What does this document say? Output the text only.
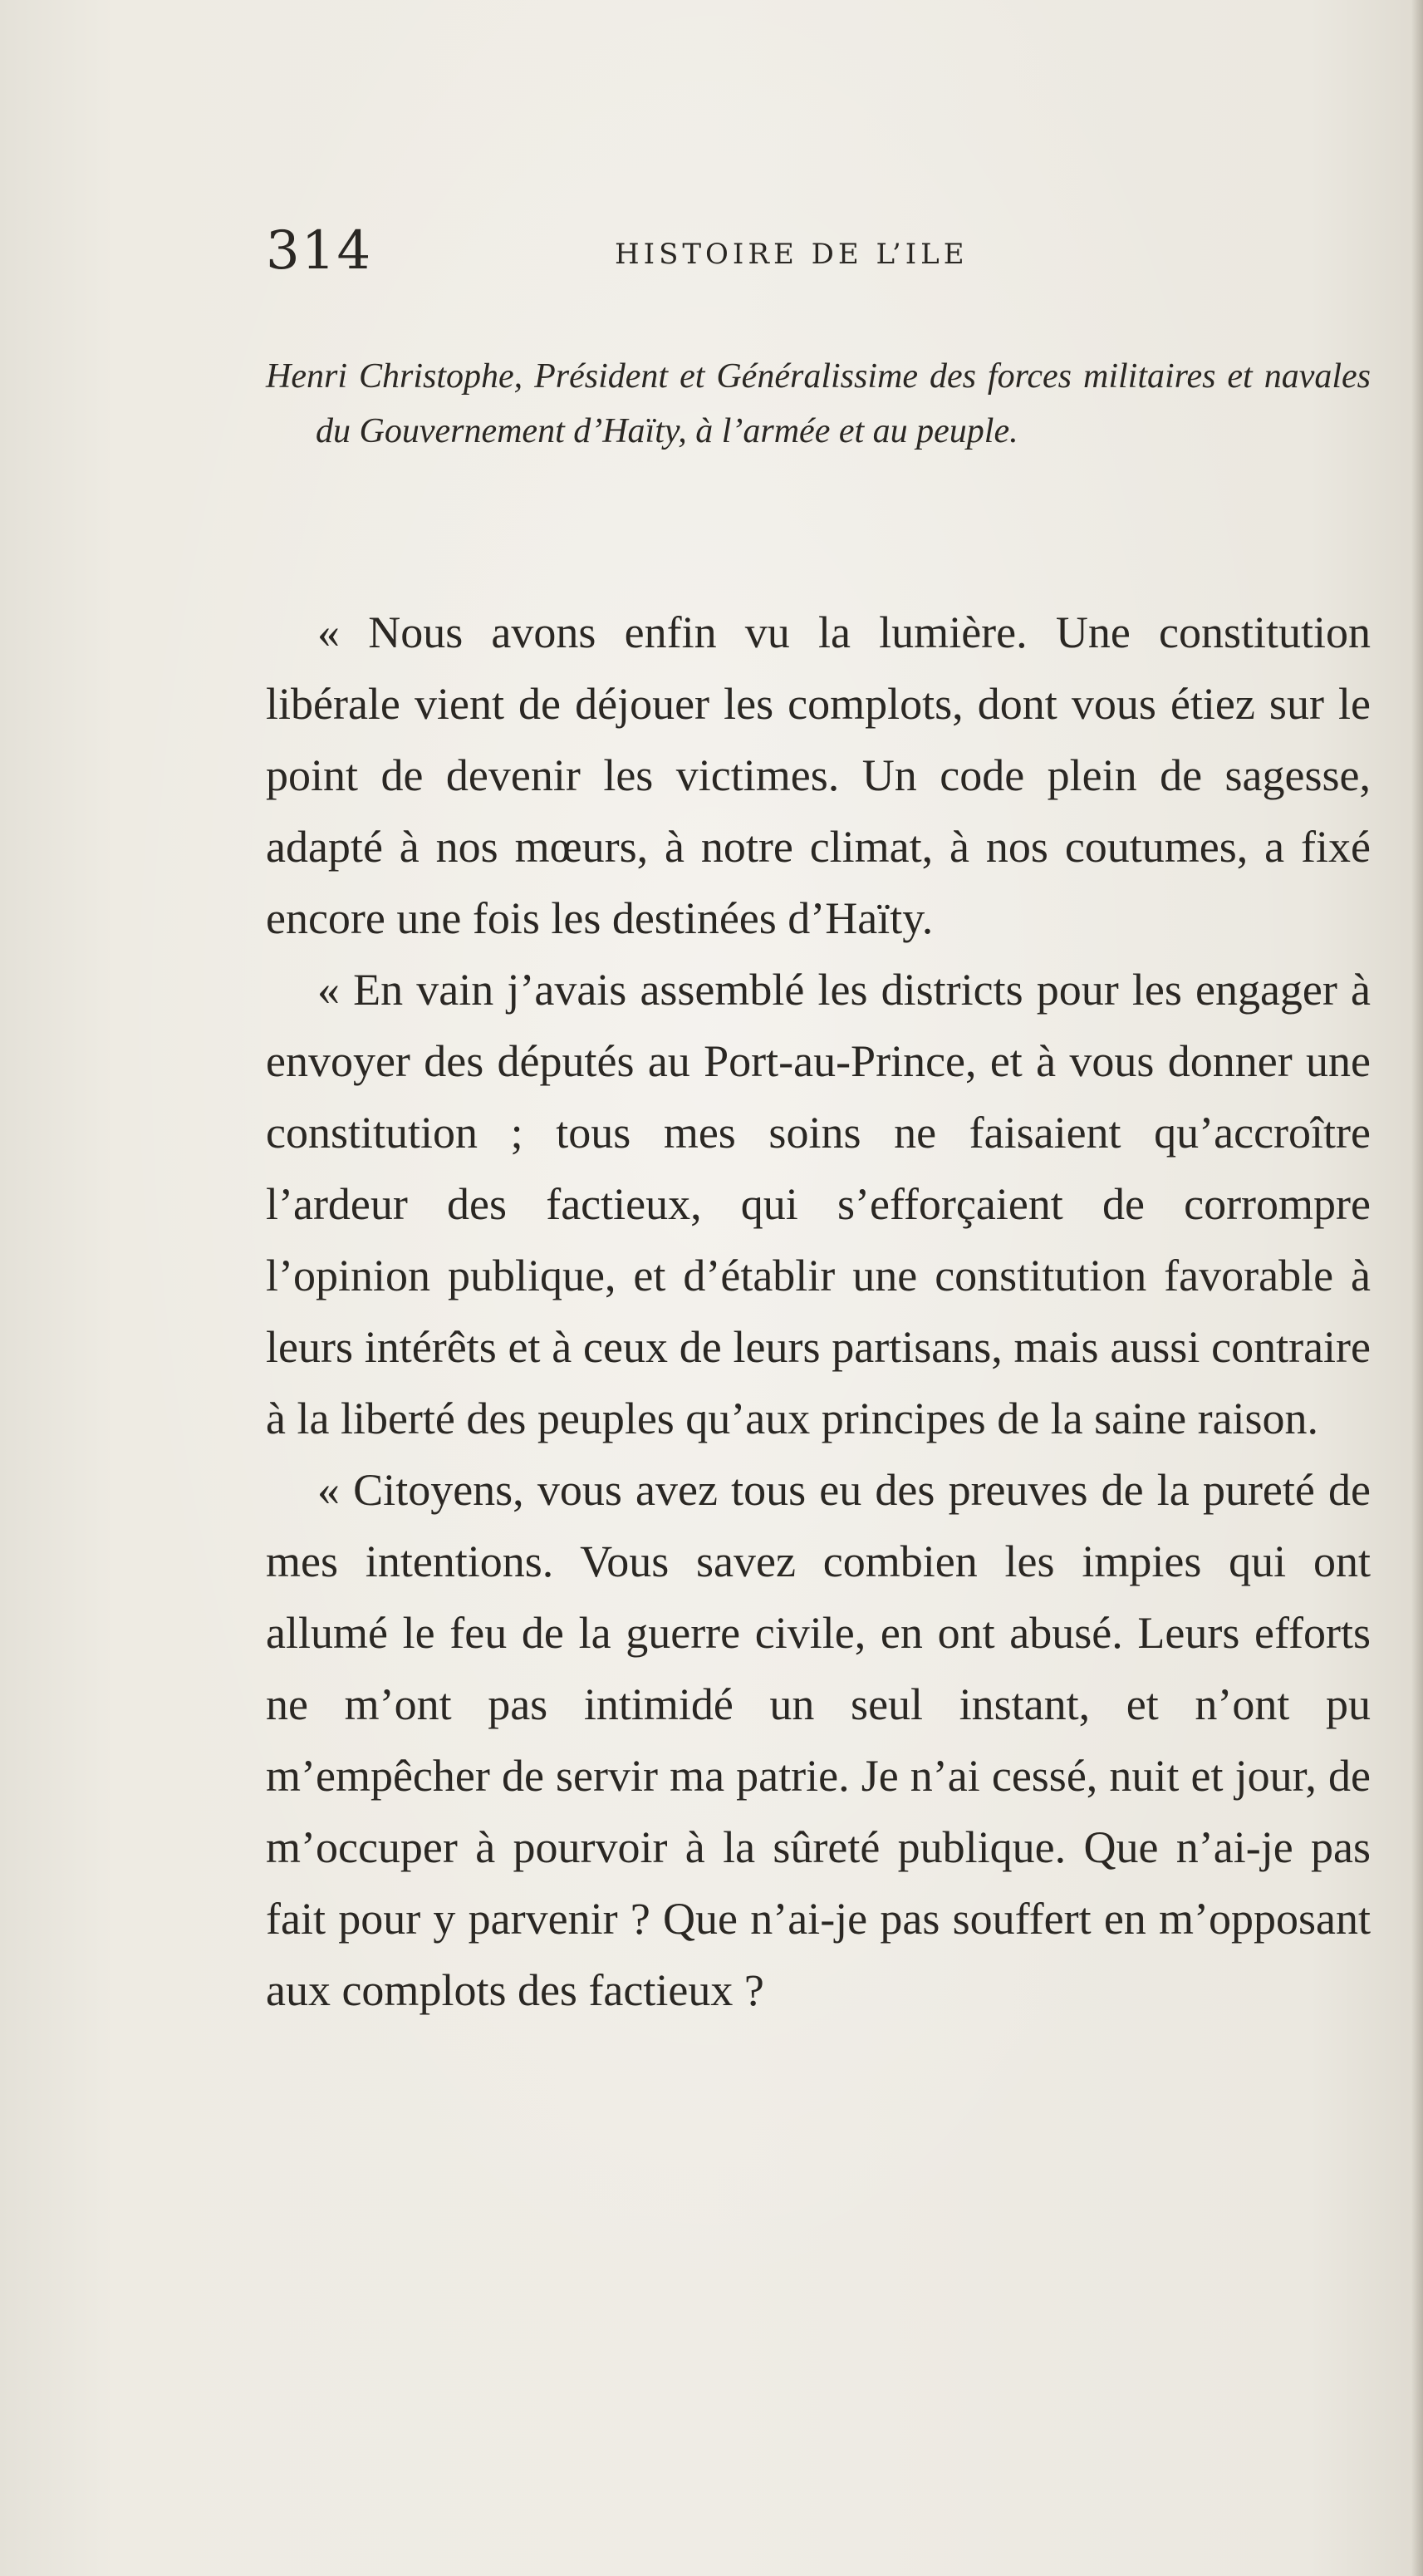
314	HISTOIRE DE L’ILE
Henri Christophe, Président et Généralissime des forces militaires et navales du Gouvernement d’Haïty, à l’armée et au peuple.

« Nous avons enfin vu la lumière. Une constitution libérale vient de déjouer les complots, dont vous étiez sur le point de devenir les victimes. Un code plein de sagesse, adapté à nos mœurs, à notre climat, à nos coutumes, a fixé encore une fois les destinées d’Haïty.

« En vain j’avais assemblé les districts pour les engager à envoyer des députés au Port-au-Prince, et à vous donner une constitution ; tous mes soins ne faisaient qu’accroître l’ardeur des factieux, qui s’efforçaient de corrompre l’opinion publique, et d’établir une constitution favorable à leurs intérêts et à ceux de leurs partisans, mais aussi contraire à la liberté des peuples qu’aux principes de la saine raison.

« Citoyens, vous avez tous eu des preuves de la pureté de mes intentions. Vous savez combien les impies qui ont allumé le feu de la guerre civile, en ont abusé. Leurs efforts ne m’ont pas intimidé un seul instant, et n’ont pu m’empêcher de servir ma patrie. Je n’ai cessé, nuit et jour, de m’occuper à pourvoir à la sûreté publique. Que n’ai-je pas fait pour y parvenir ? Que n’ai-je pas souffert en m’opposant aux complots des factieux ?
